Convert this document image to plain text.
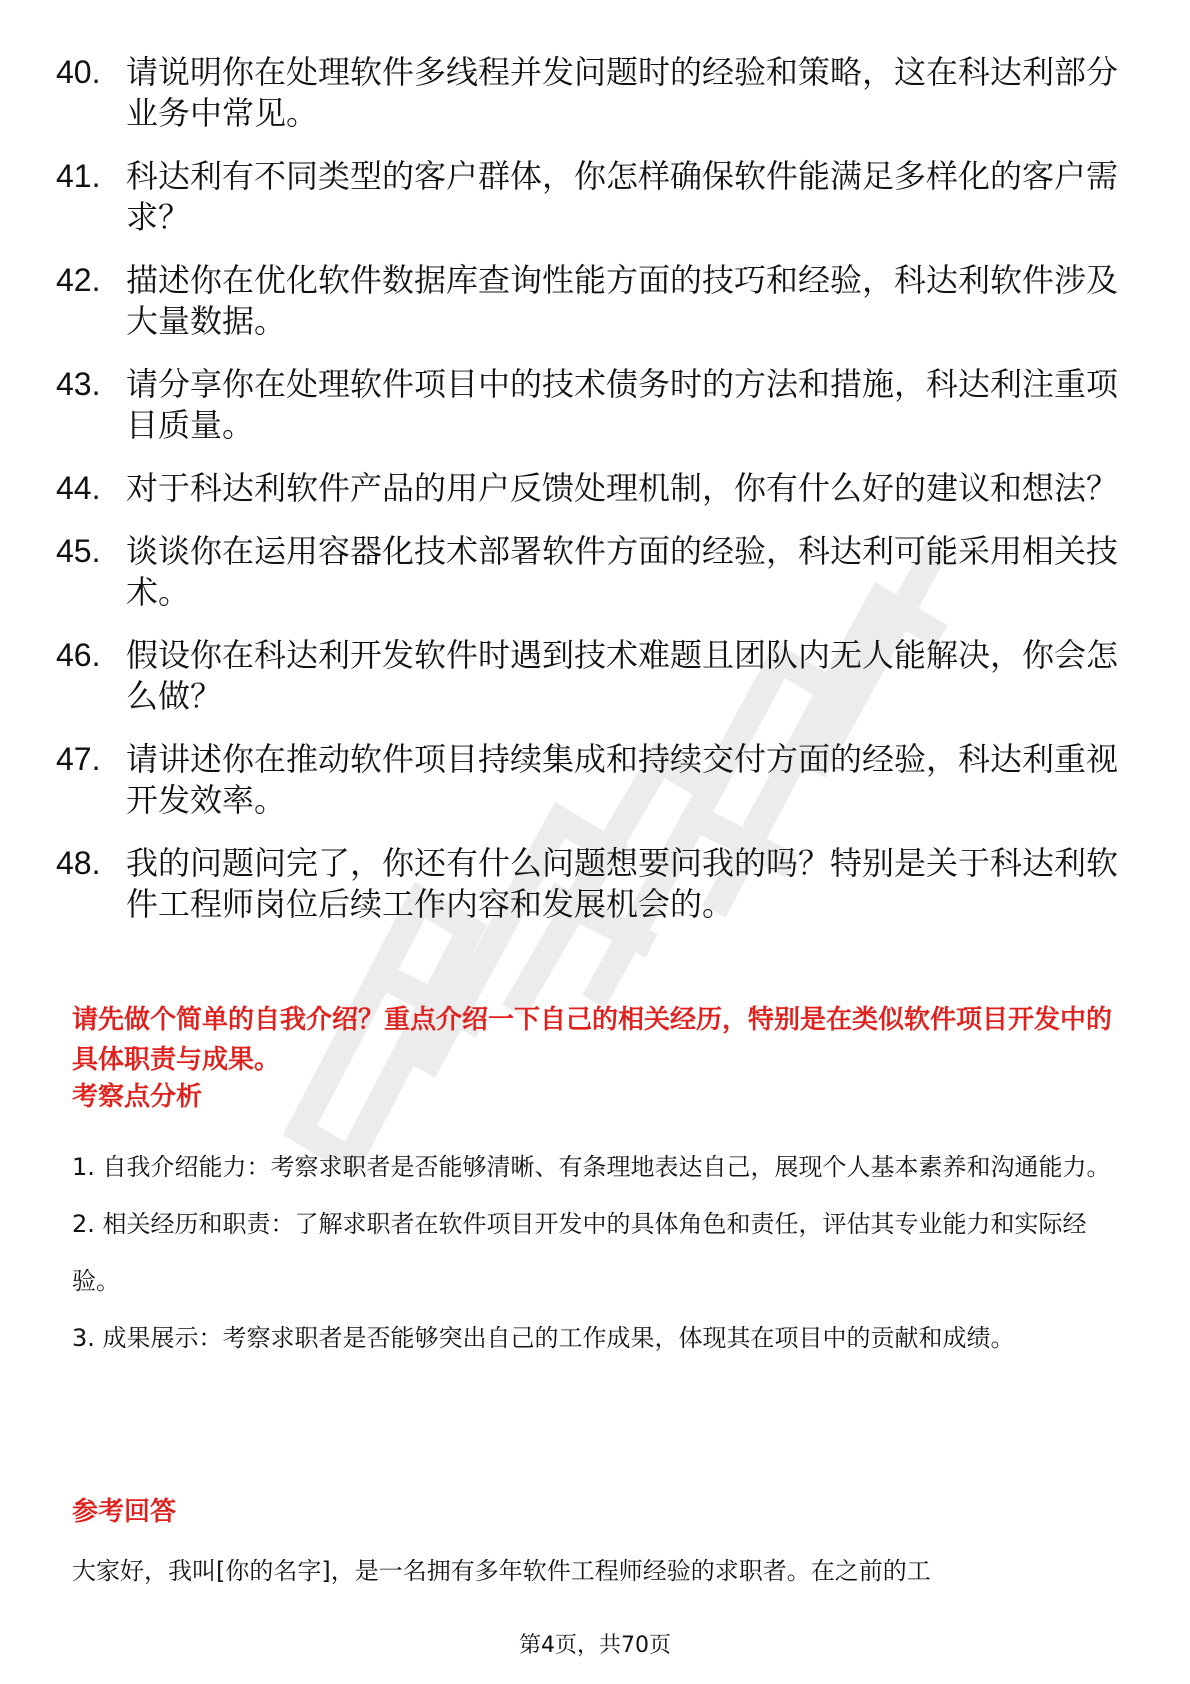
40. 请说明你在处理软件多线程并发问题时的经验和策略，这在科达利部分业务中常见。
41. 科达利有不同类型的客户群体，你怎样确保软件能满足多样化的客户需求？
42. 描述你在优化软件数据库查询性能方面的技巧和经验，科达利软件涉及大量数据。
43. 请分享你在处理软件项目中的技术债务时的方法和措施，科达利注重项目质量。
44. 对于科达利软件产品的用户反馈处理机制，你有什么好的建议和想法？
45. 谈谈你在运用容器化技术部署软件方面的经验，科达利可能采用相关技术。
46. 假设你在科达利开发软件时遇到技术难题且团队内无人能解决，你会怎么做？
47. 请讲述你在推动软件项目持续集成和持续交付方面的经验，科达利重视开发效率。
48. 我的问题问完了，你还有什么问题想要问我的吗？特别是关于科达利软件工程师岗位后续工作内容和发展机会的。

请先做个简单的自我介绍？重点介绍一下自己的相关经历，特别是在类似软件项目开发中的具体职责与成果。

考察点分析
1. 自我介绍能力：考察求职者是否能够清晰、有条理地表达自己，展现个人基本素养和沟通能力。
2. 相关经历和职责：了解求职者在软件项目开发中的具体角色和责任，评估其专业能力和实际经验。
3. 成果展示：考察求职者是否能够突出自己的工作成果，体现其在项目中的贡献和成绩。
参考回答

大家好，我叫[你的名字]，是一名拥有多年软件工程师经验的求职者。在之前的工

第4页，共70页
